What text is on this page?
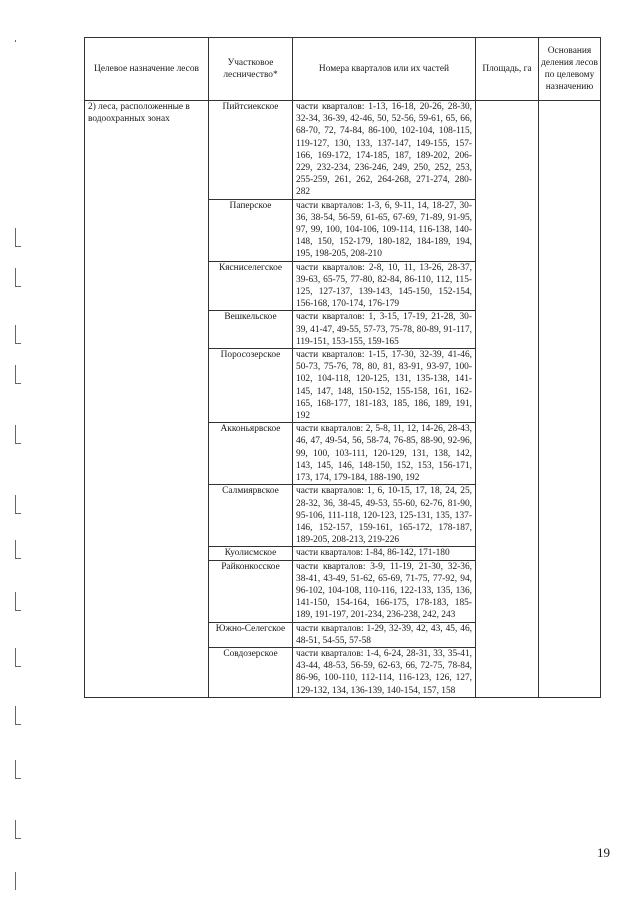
Целевое назначение лесов	Участковое лесничество*	Номера кварталов или их частей	Площадь, га	Основания деления лесов по целевому назначению
2) леса, расположенные в водоохранных зонах	Пийтсиекское	части кварталов: 1-13, 16-18, 20-26, 28-30, 32-34, 36-39, 42-46, 50, 52-56, 59-61, 65, 66, 68-70, 72, 74-84, 86-100, 102-104, 108-115, 119-127, 130, 133, 137-147, 149-155, 157-166, 169-172, 174-185, 187, 189-202, 206-229, 232-234, 236-246, 249, 250, 252, 253, 255-259, 261, 262, 264-268, 271-274, 280-282		
	Паперское	части кварталов: 1-3, 6, 9-11, 14, 18-27, 30-36, 38-54, 56-59, 61-65, 67-69, 71-89, 91-95, 97, 99, 100, 104-106, 109-114, 116-138, 140-148, 150, 152-179, 180-182, 184-189, 194, 195, 198-205, 208-210		
	Кясниселегское	части кварталов: 2-8, 10, 11, 13-26, 28-37, 39-63, 65-75, 77-80, 82-84, 86-110, 112, 115-125, 127-137, 139-143, 145-150, 152-154, 156-168, 170-174, 176-179		
	Вешкельское	части кварталов: 1, 3-15, 17-19, 21-28, 30-39, 41-47, 49-55, 57-73, 75-78, 80-89, 91-117, 119-151, 153-155, 159-165		
	Поросозерское	части кварталов: 1-15, 17-30, 32-39, 41-46, 50-73, 75-76, 78, 80, 81, 83-91, 93-97, 100-102, 104-118, 120-125, 131, 135-138, 141-145, 147, 148, 150-152, 155-158, 161, 162-165, 168-177, 181-183, 185, 186, 189, 191, 192		
	Акконьярвское	части кварталов: 2, 5-8, 11, 12, 14-26, 28-43, 46, 47, 49-54, 56, 58-74, 76-85, 88-90, 92-96, 99, 100, 103-111, 120-129, 131, 138, 142, 143, 145, 146, 148-150, 152, 153, 156-171, 173, 174, 179-184, 188-190, 192		
	Салмиярвское	части кварталов: 1, 6, 10-15, 17, 18, 24, 25, 28-32, 36, 38-45, 49-53, 55-60, 62-76, 81-90, 95-106, 111-118, 120-123, 125-131, 135, 137-146, 152-157, 159-161, 165-172, 178-187, 189-205, 208-213, 219-226		
	Куолисмское	части кварталов: 1-84, 86-142, 171-180		
	Райконкосское	части кварталов: 3-9, 11-19, 21-30, 32-36, 38-41, 43-49, 51-62, 65-69, 71-75, 77-92, 94, 96-102, 104-108, 110-116, 122-133, 135, 136, 141-150, 154-164, 166-175, 178-183, 185-189, 191-197, 201-234, 236-238, 242, 243		
	Южно-Селегское	части кварталов: 1-29, 32-39, 42, 43, 45, 46, 48-51, 54-55, 57-58		
	Совдозерское	части кварталов: 1-4, 6-24, 28-31, 33, 35-41, 43-44, 48-53, 56-59, 62-63, 66, 72-75, 78-84, 86-96, 100-110, 112-114, 116-123, 126, 127, 129-132, 134, 136-139, 140-154, 157, 158		
19
